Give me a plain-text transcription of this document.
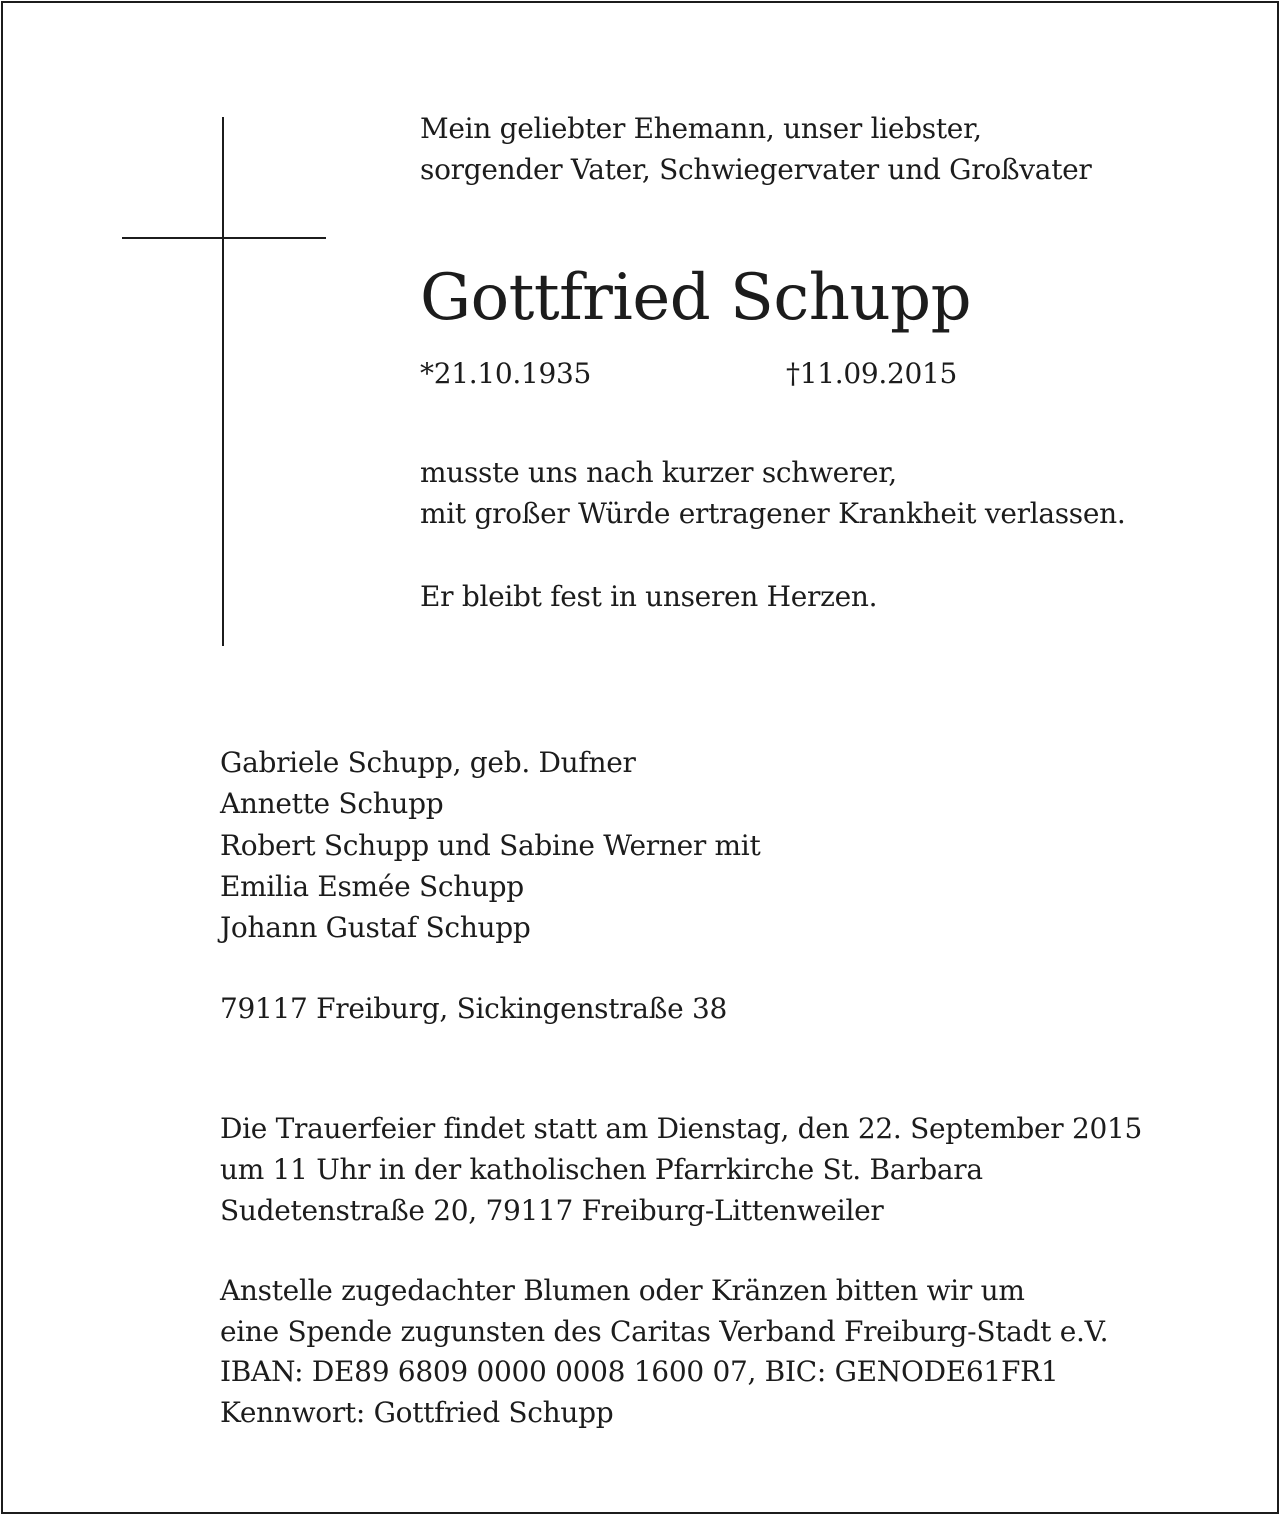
Mein geliebter Ehemann, unser liebster,
sorgender Vater, Schwiegervater und Großvater
Gottfried Schupp
*21.10.1935	†11.09.2015
musste uns nach kurzer schwerer,
mit großer Würde ertragener Krankheit verlassen.
Er bleibt fest in unseren Herzen.
Gabriele Schupp, geb. Dufner
Annette Schupp
Robert Schupp und Sabine Werner mit
Emilia Esmée Schupp
Johann Gustaf Schupp
79117 Freiburg, Sickingenstraße 38
Die Trauerfeier findet statt am Dienstag, den 22. September 2015
um 11 Uhr in der katholischen Pfarrkirche St. Barbara
Sudetenstraße 20, 79117 Freiburg-Littenweiler
Anstelle zugedachter Blumen oder Kränzen bitten wir um
eine Spende zugunsten des Caritas Verband Freiburg-Stadt e.V.
IBAN: DE89 6809 0000 0008 1600 07, BIC: GENODE61FR1
Kennwort: Gottfried Schupp
